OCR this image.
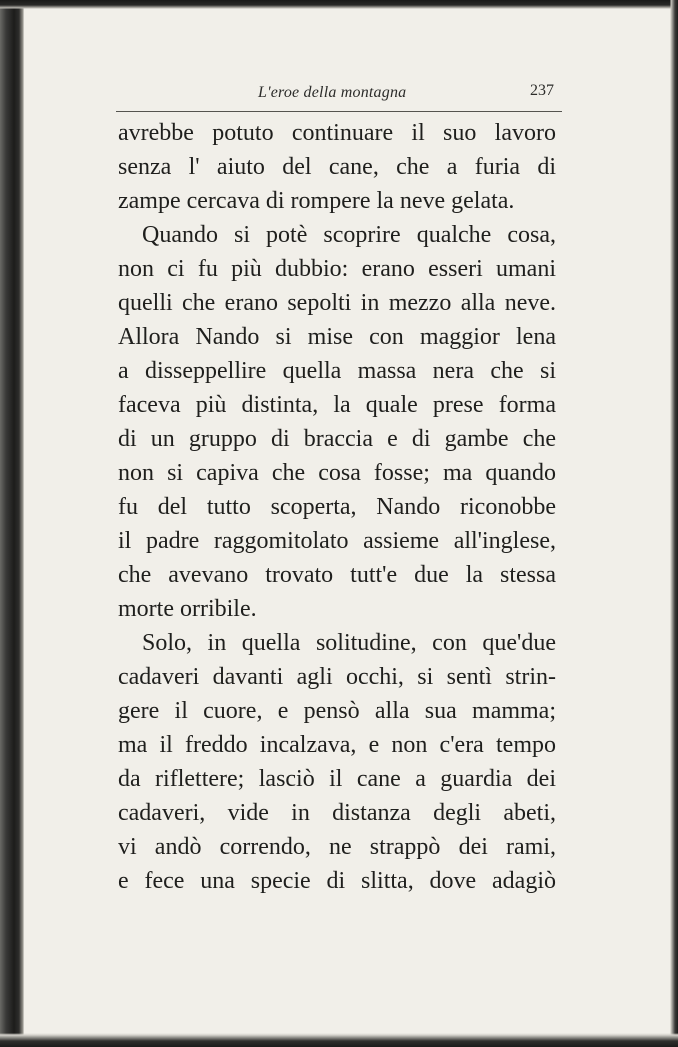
L'eroe della montagna	237
avrebbe potuto continuare il suo lavoro
senza l' aiuto del cane, che a furia di
zampe cercava di rompere la neve gelata.
Quando si potè scoprire qualche cosa,
non ci fu più dubbio: erano esseri umani
quelli che erano sepolti in mezzo alla neve.
Allora Nando si mise con maggior lena
a disseppellire quella massa nera che si
faceva più distinta, la quale prese forma
di un gruppo di braccia e di gambe che
non si capiva che cosa fosse; ma quando
fu del tutto scoperta, Nando riconobbe
il padre raggomitolato assieme all'inglese,
che avevano trovato tutt'e due la stessa
morte orribile.
Solo, in quella solitudine, con que'due
cadaveri davanti agli occhi, si sentì strin-
gere il cuore, e pensò alla sua mamma;
ma il freddo incalzava, e non c'era tempo
da riflettere; lasciò il cane a guardia dei
cadaveri, vide in distanza degli abeti,
vi andò correndo, ne strappò dei rami,
e fece una specie di slitta, dove adagiò
